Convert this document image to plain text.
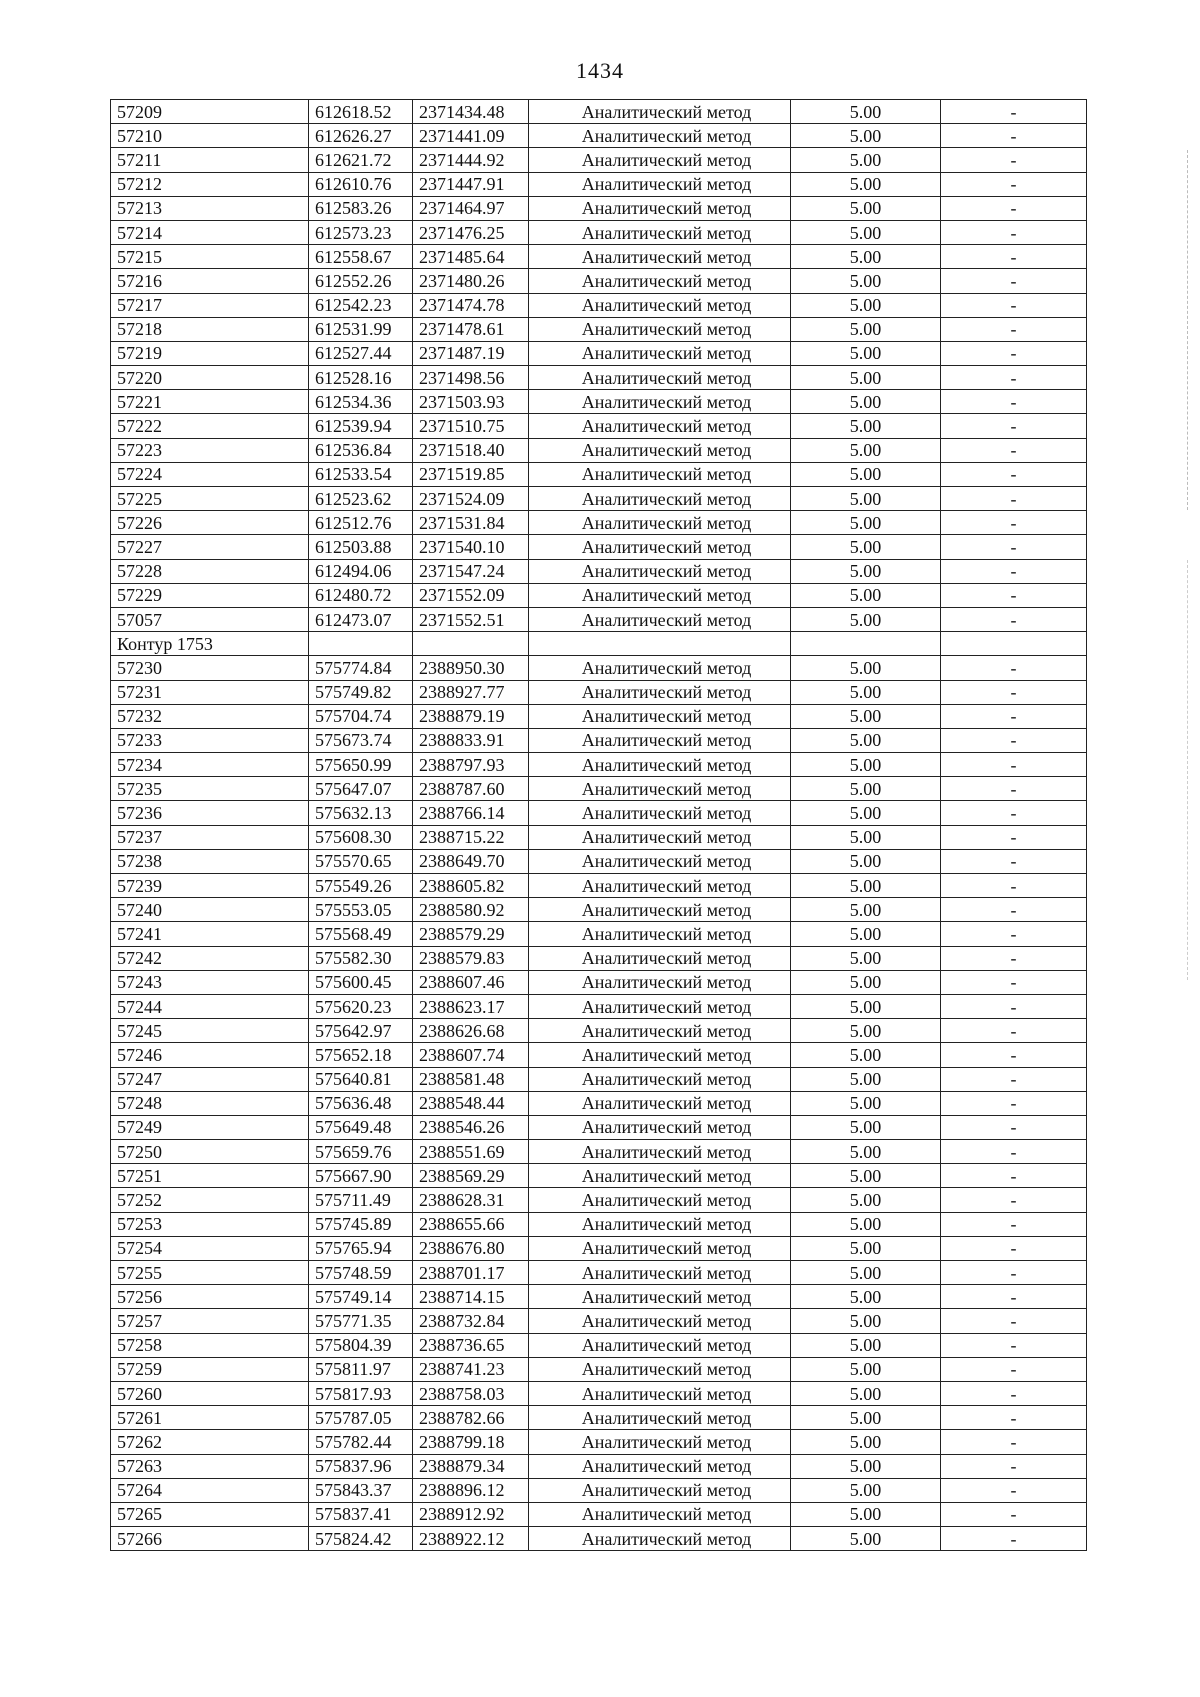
1434
57209	612618.52	2371434.48	Аналитический метод	5.00	-
57210	612626.27	2371441.09	Аналитический метод	5.00	-
57211	612621.72	2371444.92	Аналитический метод	5.00	-
57212	612610.76	2371447.91	Аналитический метод	5.00	-
57213	612583.26	2371464.97	Аналитический метод	5.00	-
57214	612573.23	2371476.25	Аналитический метод	5.00	-
57215	612558.67	2371485.64	Аналитический метод	5.00	-
57216	612552.26	2371480.26	Аналитический метод	5.00	-
57217	612542.23	2371474.78	Аналитический метод	5.00	-
57218	612531.99	2371478.61	Аналитический метод	5.00	-
57219	612527.44	2371487.19	Аналитический метод	5.00	-
57220	612528.16	2371498.56	Аналитический метод	5.00	-
57221	612534.36	2371503.93	Аналитический метод	5.00	-
57222	612539.94	2371510.75	Аналитический метод	5.00	-
57223	612536.84	2371518.40	Аналитический метод	5.00	-
57224	612533.54	2371519.85	Аналитический метод	5.00	-
57225	612523.62	2371524.09	Аналитический метод	5.00	-
57226	612512.76	2371531.84	Аналитический метод	5.00	-
57227	612503.88	2371540.10	Аналитический метод	5.00	-
57228	612494.06	2371547.24	Аналитический метод	5.00	-
57229	612480.72	2371552.09	Аналитический метод	5.00	-
57057	612473.07	2371552.51	Аналитический метод	5.00	-
Контур 1753					
57230	575774.84	2388950.30	Аналитический метод	5.00	-
57231	575749.82	2388927.77	Аналитический метод	5.00	-
57232	575704.74	2388879.19	Аналитический метод	5.00	-
57233	575673.74	2388833.91	Аналитический метод	5.00	-
57234	575650.99	2388797.93	Аналитический метод	5.00	-
57235	575647.07	2388787.60	Аналитический метод	5.00	-
57236	575632.13	2388766.14	Аналитический метод	5.00	-
57237	575608.30	2388715.22	Аналитический метод	5.00	-
57238	575570.65	2388649.70	Аналитический метод	5.00	-
57239	575549.26	2388605.82	Аналитический метод	5.00	-
57240	575553.05	2388580.92	Аналитический метод	5.00	-
57241	575568.49	2388579.29	Аналитический метод	5.00	-
57242	575582.30	2388579.83	Аналитический метод	5.00	-
57243	575600.45	2388607.46	Аналитический метод	5.00	-
57244	575620.23	2388623.17	Аналитический метод	5.00	-
57245	575642.97	2388626.68	Аналитический метод	5.00	-
57246	575652.18	2388607.74	Аналитический метод	5.00	-
57247	575640.81	2388581.48	Аналитический метод	5.00	-
57248	575636.48	2388548.44	Аналитический метод	5.00	-
57249	575649.48	2388546.26	Аналитический метод	5.00	-
57250	575659.76	2388551.69	Аналитический метод	5.00	-
57251	575667.90	2388569.29	Аналитический метод	5.00	-
57252	575711.49	2388628.31	Аналитический метод	5.00	-
57253	575745.89	2388655.66	Аналитический метод	5.00	-
57254	575765.94	2388676.80	Аналитический метод	5.00	-
57255	575748.59	2388701.17	Аналитический метод	5.00	-
57256	575749.14	2388714.15	Аналитический метод	5.00	-
57257	575771.35	2388732.84	Аналитический метод	5.00	-
57258	575804.39	2388736.65	Аналитический метод	5.00	-
57259	575811.97	2388741.23	Аналитический метод	5.00	-
57260	575817.93	2388758.03	Аналитический метод	5.00	-
57261	575787.05	2388782.66	Аналитический метод	5.00	-
57262	575782.44	2388799.18	Аналитический метод	5.00	-
57263	575837.96	2388879.34	Аналитический метод	5.00	-
57264	575843.37	2388896.12	Аналитический метод	5.00	-
57265	575837.41	2388912.92	Аналитический метод	5.00	-
57266	575824.42	2388922.12	Аналитический метод	5.00	-
